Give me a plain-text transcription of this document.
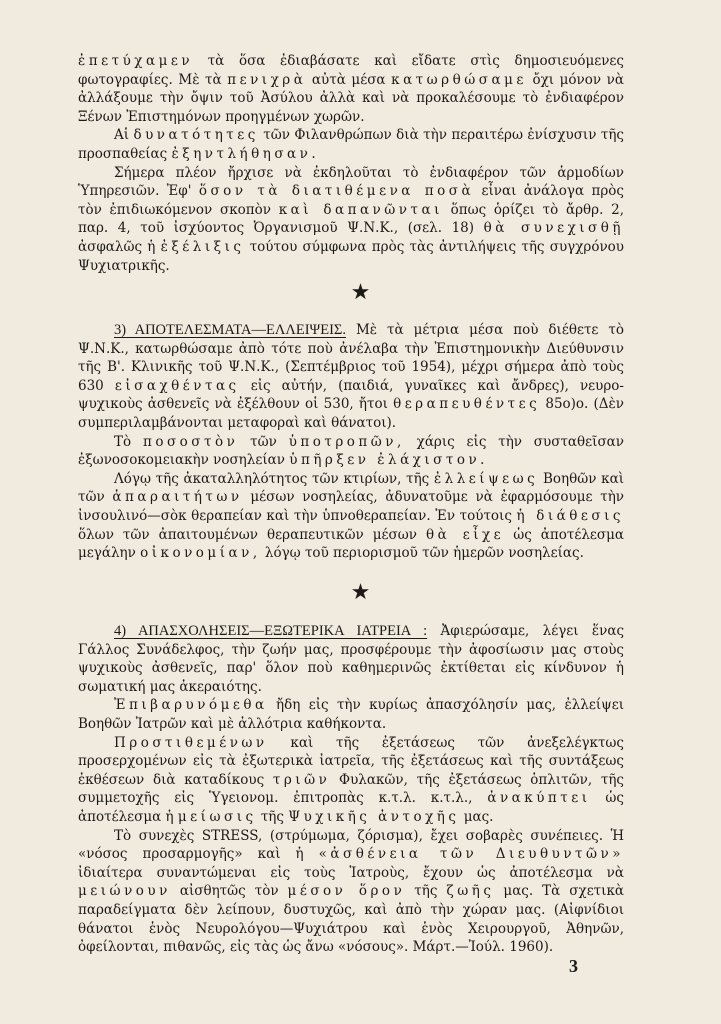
ἐπετύχαμεν τὰ ὅσα ἐδιαβάσατε καὶ εἴδατε στὶς δημοσιευόμενες φωτογραφίες. Μὲ τὰ πενιχρὰ αὐτὰ μέσα κατωρθώσαμε ὄχι μόνον νὰ ἀλλάξουμε τὴν ὄψιν τοῦ Ἀσύλου ἀλλὰ καὶ νὰ προκαλέσουμε τὸ ἐνδιαφέρον Ξένων Ἐπιστημόνων προηγμένων χωρῶν.

Αἱ δυνατότητες τῶν Φιλανθρώπων διὰ τὴν περαιτέρω ἐνίσχυσιν τῆς προσπαθείας ἐξηντλήθησαν.

Σήμερα πλέον ἤρχισε νὰ ἐκδηλοῦται τὸ ἐνδιαφέρον τῶν ἁρμοδίων Ὑπηρεσιῶν. Ἐφ' ὅσον τὰ διατιθέμενα ποσὰ εἶναι ἀνάλογα πρὸς τὸν ἐπιδιωκόμενον σκοπὸν καὶ δαπανῶνται ὅπως ὁρίζει τὸ ἄρθρ. 2, παρ. 4, τοῦ ἰσχύοντος Ὀργανισμοῦ Ψ.Ν.Κ., (σελ. 18) θὰ συνεχισθῇ ἀσφαλῶς ἡ ἐξέλιξις τούτου σύμφωνα πρὸς τὰς ἀντιλήψεις τῆς συγχρόνου Ψυχιατρικῆς.

★

3) ΑΠΟΤΕΛΕΣΜΑΤΑ—ΕΛΛΕΙΨΕΙΣ. Μὲ τὰ μέτρια μέσα ποὺ διέθετε τὸ Ψ.Ν.Κ., κατωρθώσαμε ἀπὸ τότε ποὺ ἀνέλαβα τὴν Ἐπιστημονικὴν Διεύθυνσιν τῆς Β'. Κλινικῆς τοῦ Ψ.Ν.Κ., (Σεπτέμβριος τοῦ 1954), μέχρι σήμερα ἀπὸ τοὺς 630 εἰσαχθέντας εἰς αὐτήν, (παιδιά, γυναῖκες καὶ ἄνδρες), νευρο-ψυχικοὺς ἀσθενεῖς νὰ ἐξέλθουν οἱ 530, ἤτοι θεραπευθέντες 85ο)ο. (Δὲν συμπεριλαμβάνονται μεταφοραὶ καὶ θάνατοι).

Τὸ ποσοστὸν τῶν ὑποτροπῶν, χάρις εἰς τὴν συσταθεῖσαν ἐξωνοσοκομειακὴν νοσηλείαν ὑπῆρξεν ἐλάχιστον.

Λόγῳ τῆς ἀκαταλληλότητος τῶν κτιρίων, τῆς ἐλλείψεως Βοηθῶν καὶ τῶν ἀπαραιτήτων μέσων νοσηλείας, ἀδυνατοῦμε νὰ ἐφαρμόσουμε τὴν ἰνσουλινό—σὸκ θεραπείαν καὶ τὴν ὑπνοθεραπείαν. Ἐν τούτοις ἡ διάθεσις ὅλων τῶν ἀπαιτουμένων θεραπευτικῶν μέσων θὰ εἶχε ὡς ἀποτέλεσμα μεγάλην οἰκονομίαν, λόγῳ τοῦ περιορισμοῦ τῶν ἡμερῶν νοσηλείας.

★

4) ΑΠΑΣΧΟΛΗΣΕΙΣ—ΕΞΩΤΕΡΙΚΑ ΙΑΤΡΕΙΑ : Ἀφιερώσαμε, λέγει ἕνας Γάλλος Συνάδελφος, τὴν ζωήν μας, προσφέρουμε τὴν ἀφοσίωσιν μας στοὺς ψυχικοὺς ἀσθενεῖς, παρ' ὅλον ποὺ καθημερινῶς ἐκτίθεται εἰς κίνδυνον ἡ σωματική μας ἀκεραιότης.

Ἐπιβαρυνόμεθα ἤδη εἰς τὴν κυρίως ἀπασχόλησίν μας, ἐλλείψει Βοηθῶν Ἰατρῶν καὶ μὲ ἀλλότρια καθήκοντα.

Προστιθεμένων καὶ τῆς ἐξετάσεως τῶν ἀνεξελέγκτως προσερχομένων εἰς τὰ ἐξωτερικὰ ἰατρεῖα, τῆς ἐξετάσεως καὶ τῆς συντάξεως ἐκθέσεων διὰ καταδίκους τριῶν Φυλακῶν, τῆς ἐξετάσεως ὁπλιτῶν, τῆς συμμετοχῆς εἰς Ὑγειονομ. ἐπιτροπὰς κ.τ.λ. κ.τ.λ., ἀνακύπτει ὡς ἀποτέλεσμα ἡ μείωσις τῆς Ψυχικῆς ἀντοχῆς μας.

Τὸ συνεχὲς STRESS, (στρύμωμα, ζόρισμα), ἔχει σοβαρὲς συνέπειες. Ἡ «νόσος προσαρμογῆς» καὶ ἡ «ἀσθένεια τῶν Διευθυντῶν» ἰδιαίτερα συναντώμεναι εἰς τοὺς Ἰατροὺς, ἔχουν ὡς ἀποτέλεσμα νὰ μειώνουν αἰσθητῶς τὸν μέσον ὅρον τῆς ζωῆς μας. Τὰ σχετικὰ παραδείγματα δὲν λείπουν, δυστυχῶς, καὶ ἀπὸ τὴν χώραν μας. (Αἰφνίδιοι θάνατοι ἑνὸς Νευρολόγου—Ψυχιάτρου καὶ ἑνὸς Χειρουργοῦ, Ἀθηνῶν, ὀφείλονται, πιθανῶς, εἰς τὰς ὡς ἄνω «νόσους». Μάρτ.—Ἰούλ. 1960).

3
